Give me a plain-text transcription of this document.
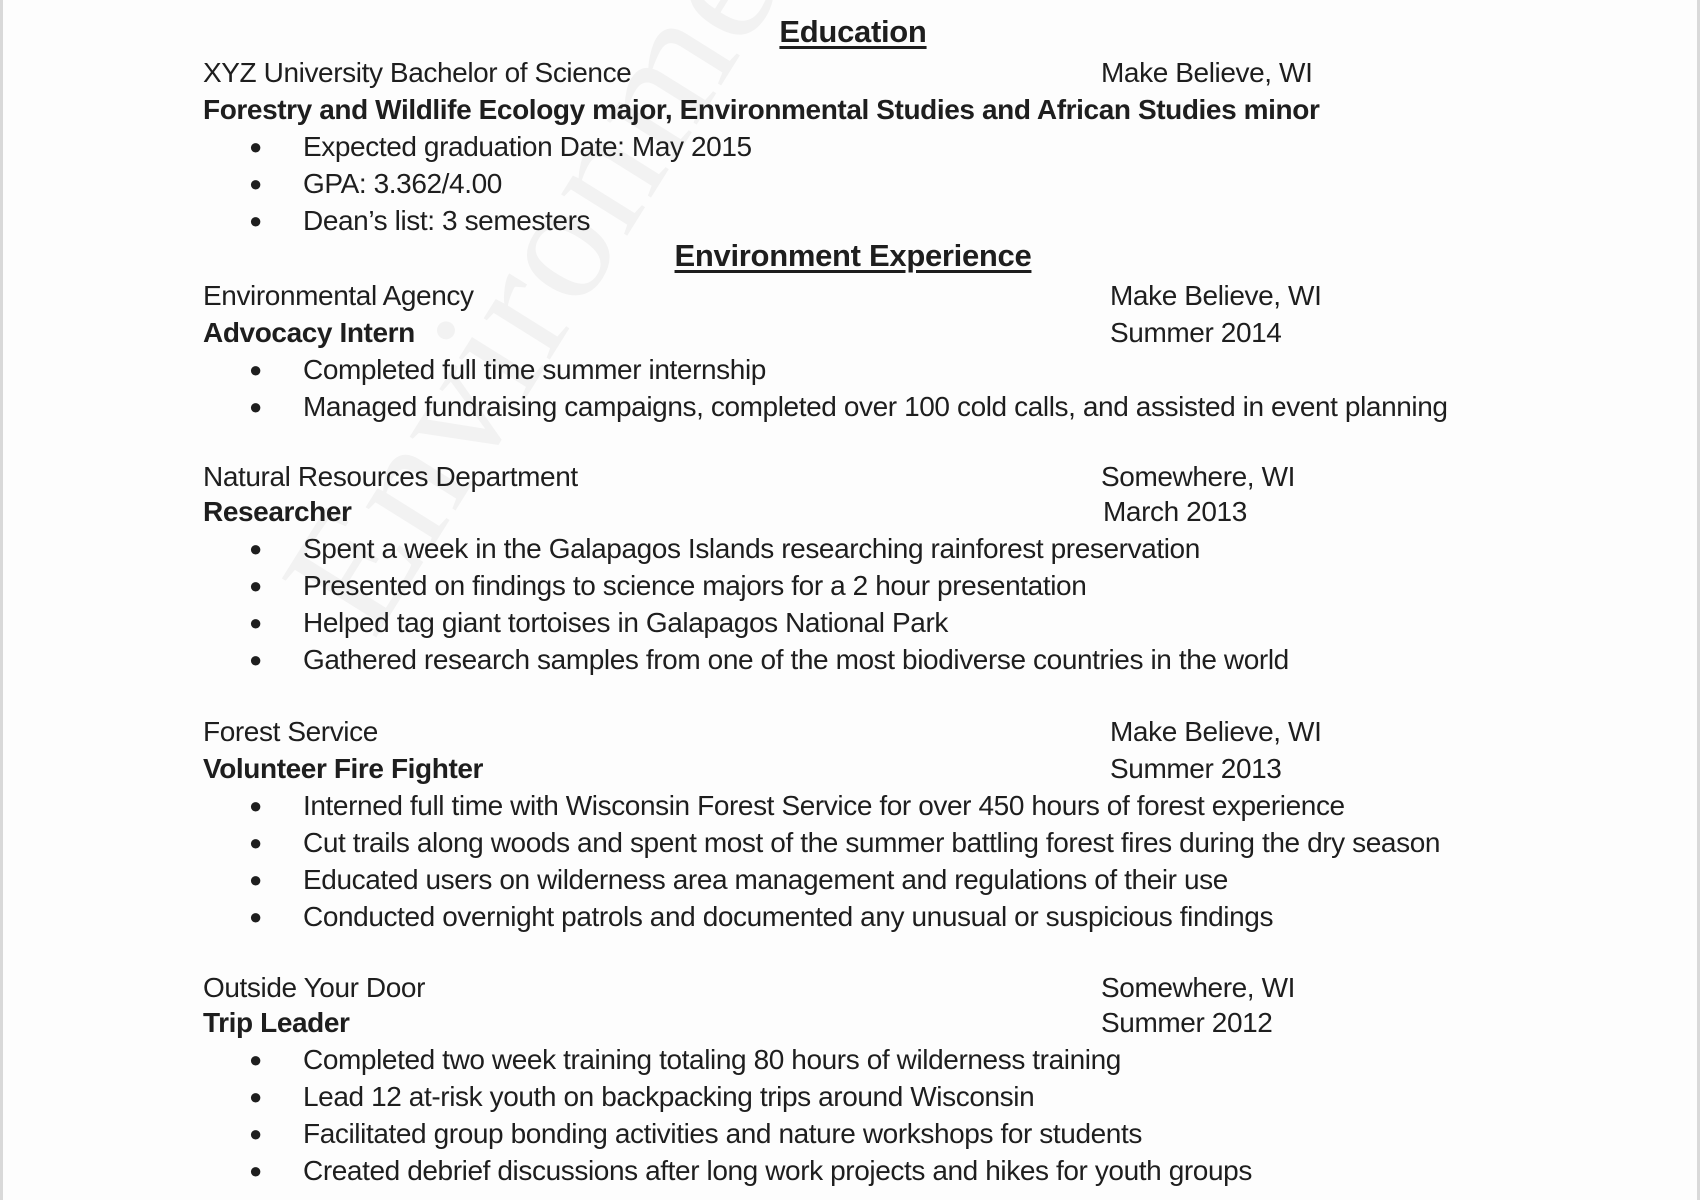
Education
XYZ University Bachelor of Science	Make Believe, WI
Forestry and Wildlife Ecology major, Environmental Studies and African Studies minor
● Expected graduation Date: May 2015
● GPA: 3.362/4.00
● Dean’s list: 3 semesters
Environment Experience
Environmental Agency	Make Believe, WI
Advocacy Intern	Summer 2014
● Completed full time summer internship
● Managed fundraising campaigns, completed over 100 cold calls, and assisted in event planning
Natural Resources Department	Somewhere, WI
Researcher	March 2013
● Spent a week in the Galapagos Islands researching rainforest preservation
● Presented on findings to science majors for a 2 hour presentation
● Helped tag giant tortoises in Galapagos National Park
● Gathered research samples from one of the most biodiverse countries in the world
Forest Service	Make Believe, WI
Volunteer Fire Fighter	Summer 2013
● Interned full time with Wisconsin Forest Service for over 450 hours of forest experience
● Cut trails along woods and spent most of the summer battling forest fires during the dry season
● Educated users on wilderness area management and regulations of their use
● Conducted overnight patrols and documented any unusual or suspicious findings
Outside Your Door	Somewhere, WI
Trip Leader	Summer 2012
● Completed two week training totaling 80 hours of wilderness training
● Lead 12 at-risk youth on backpacking trips around Wisconsin
● Facilitated group bonding activities and nature workshops for students
●Created debrief discussions after long work projects and hikes for youth groups
